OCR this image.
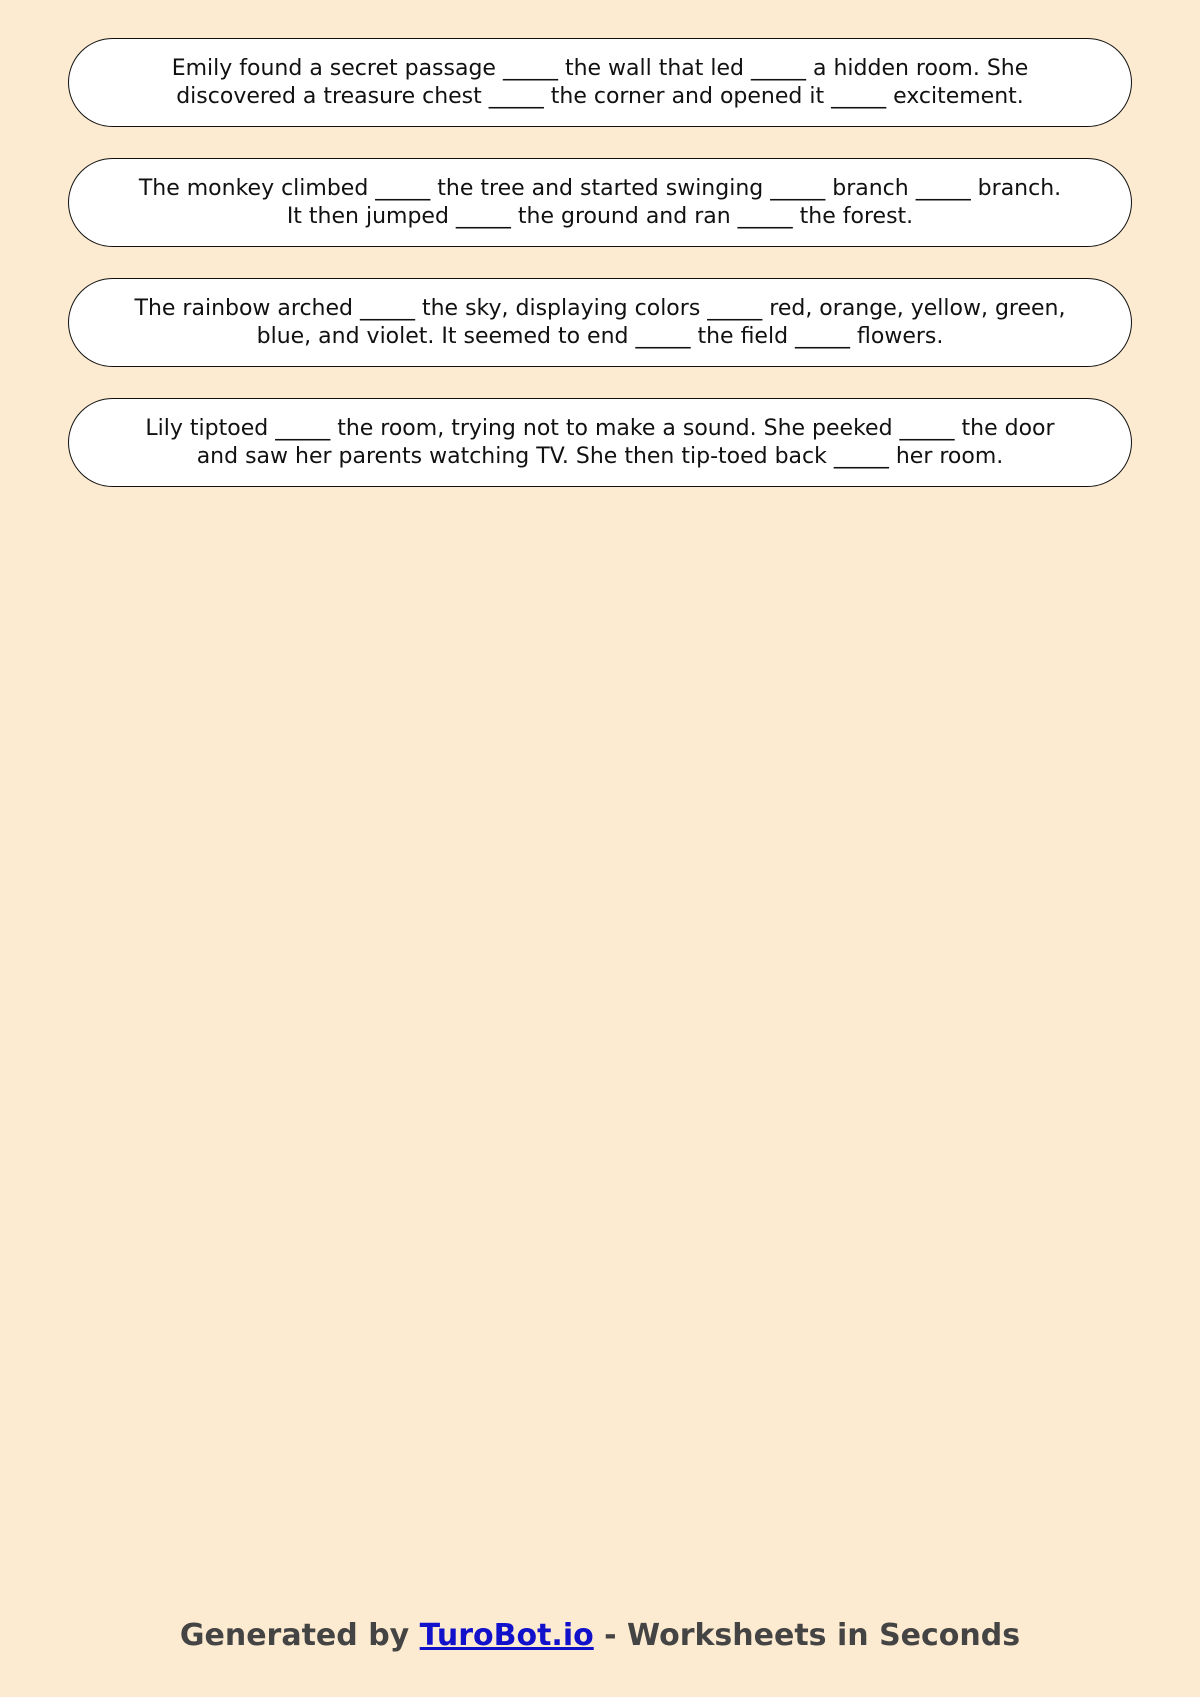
Emily found a secret passage _____ the wall that led _____ a hidden room. She
discovered a treasure chest _____ the corner and opened it _____ excitement.
The monkey climbed _____ the tree and started swinging _____ branch _____ branch.
It then jumped _____ the ground and ran _____ the forest.
The rainbow arched _____ the sky, displaying colors _____ red, orange, yellow, green,
blue, and violet. It seemed to end _____ the field _____ flowers.
Lily tiptoed _____ the room, trying not to make a sound. She peeked _____ the door
and saw her parents watching TV. She then tip-toed back _____ her room.
Generated by TuroBot.io - Worksheets in Seconds
